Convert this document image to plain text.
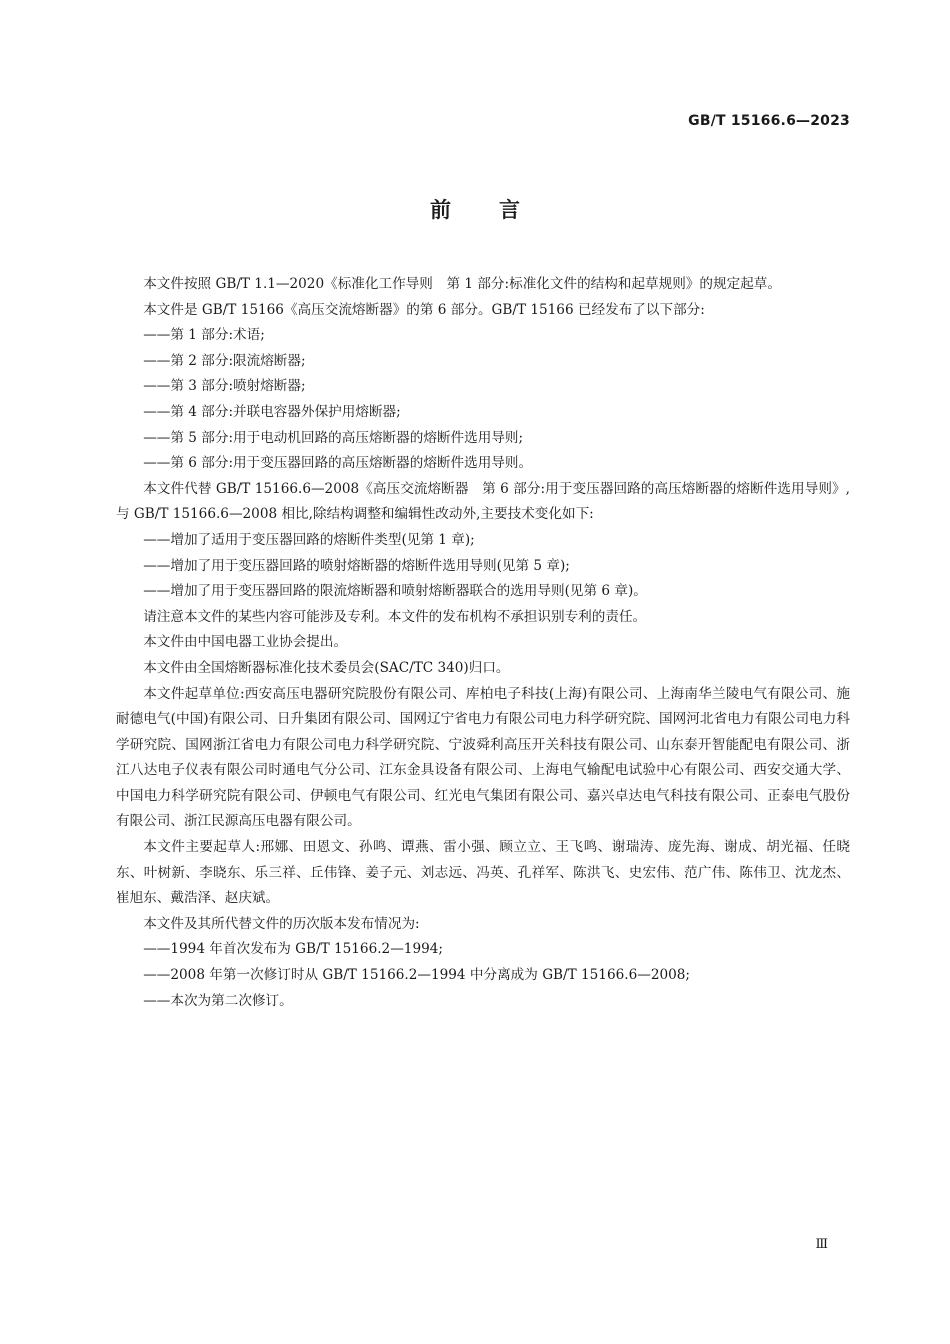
GB/T 15166.6—2023
前 言

本文件按照 GB/T 1.1—2020《标准化工作导则　第 1 部分:标准化文件的结构和起草规则》的规定起草。

本文件是 GB/T 15166《高压交流熔断器》的第 6 部分。GB/T 15166 已经发布了以下部分:

——第 1 部分:术语;

——第 2 部分:限流熔断器;

——第 3 部分:喷射熔断器;

——第 4 部分:并联电容器外保护用熔断器;

——第 5 部分:用于电动机回路的高压熔断器的熔断件选用导则;

——第 6 部分:用于变压器回路的高压熔断器的熔断件选用导则。

本文件代替 GB/T 15166.6—2008《高压交流熔断器　第 6 部分:用于变压器回路的高压熔断器的熔断件选用导则》,与 GB/T 15166.6—2008 相比,除结构调整和编辑性改动外,主要技术变化如下:

——增加了适用于变压器回路的熔断件类型(见第 1 章);

——增加了用于变压器回路的喷射熔断器的熔断件选用导则(见第 5 章);

——增加了用于变压器回路的限流熔断器和喷射熔断器联合的选用导则(见第 6 章)。

请注意本文件的某些内容可能涉及专利。本文件的发布机构不承担识别专利的责任。

本文件由中国电器工业协会提出。

本文件由全国熔断器标准化技术委员会(SAC/TC 340)归口。

本文件起草单位:西安高压电器研究院股份有限公司、库柏电子科技(上海)有限公司、上海南华兰陵电气有限公司、施耐德电气(中国)有限公司、日升集团有限公司、国网辽宁省电力有限公司电力科学研究院、国网河北省电力有限公司电力科学研究院、国网浙江省电力有限公司电力科学研究院、宁波舜利高压开关科技有限公司、山东泰开智能配电有限公司、浙江八达电子仪表有限公司时通电气分公司、江东金具设备有限公司、上海电气输配电试验中心有限公司、西安交通大学、中国电力科学研究院有限公司、伊顿电气有限公司、红光电气集团有限公司、嘉兴卓达电气科技有限公司、正泰电气股份有限公司、浙江民源高压电器有限公司。

本文件主要起草人:邢娜、田恩文、孙鸣、谭燕、雷小强、顾立立、王飞鸣、谢瑞涛、庞先海、谢成、胡光福、任晓东、叶树新、李晓东、乐三祥、丘伟锋、姜子元、刘志远、冯英、孔祥军、陈洪飞、史宏伟、范广伟、陈伟卫、沈龙杰、崔旭东、戴浩泽、赵庆斌。

本文件及其所代替文件的历次版本发布情况为:

——1994 年首次发布为 GB/T 15166.2—1994;

——2008 年第一次修订时从 GB/T 15166.2—1994 中分离成为 GB/T 15166.6—2008;

——本次为第二次修订。

Ⅲ
